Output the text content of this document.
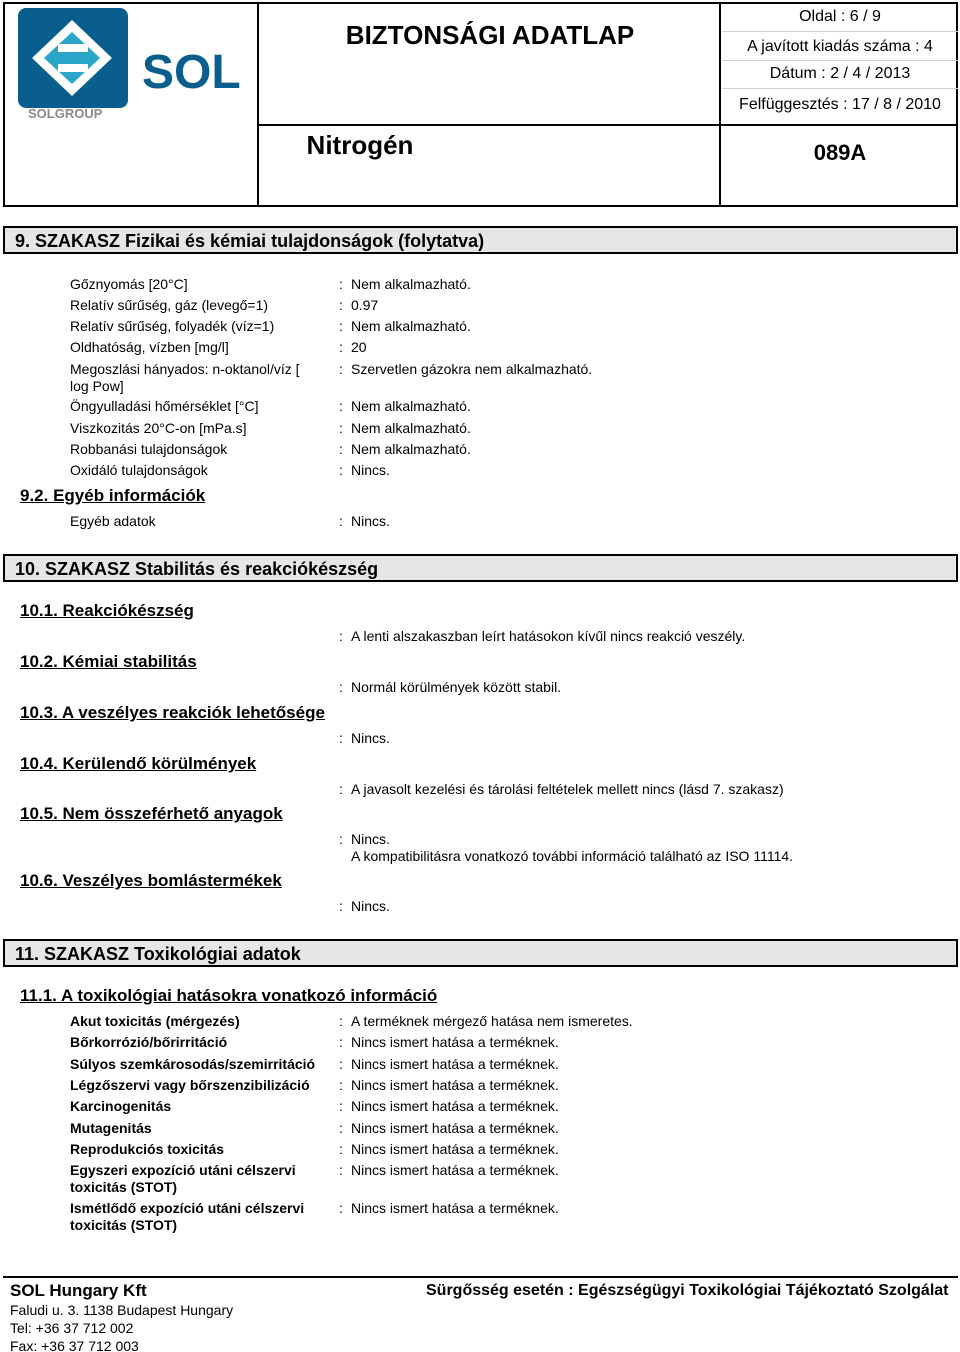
SOL
SOLGROUP
BIZTONSÁGI ADATLAP
Nitrogén	089A
Oldal : 6 / 9
A javított kiadás száma : 4
Dátum : 2 / 4 / 2013
Felfüggesztés : 17 / 8 / 2010
9. SZAKASZ Fizikai és kémiai tulajdonságok (folytatva)
Gőznyomás [20°C]	: Nem alkalmazható.
Relatív sűrűség, gáz (levegő=1)	: 0.97
Relatív sűrűség, folyadék (víz=1)	: Nem alkalmazható.
Oldhatóság, vízben [mg/l]	: 20
Megoszlási hányados: n-oktanol/víz [
log Pow]
: Szervetlen gázokra nem alkalmazható.
Öngyulladási hőmérséklet [°C]	: Nem alkalmazható.
Viszkozitás 20°C-on [mPa.s]	: Nem alkalmazható.
Robbanási tulajdonságok	: Nem alkalmazható.
Oxidáló tulajdonságok	: Nincs.
9.2. Egyéb információk
Egyéb adatok	: Nincs.
10. SZAKASZ Stabilitás és reakciókészség
10.1. Reakciókészség
: A lenti alszakaszban leírt hatásokon kívűl nincs reakció veszély.
10.2. Kémiai stabilitás
: Normál körülmények között stabil.
10.3. A veszélyes reakciók lehetősége
: Nincs.
10.4. Kerülendő körülmények
: A javasolt kezelési és tárolási feltételek mellett nincs (lásd 7. szakasz)
10.5. Nem összeférhető anyagok
: Nincs.
A kompatibilitásra vonatkozó további információ található az ISO 11114.
10.6. Veszélyes bomlástermékek
: Nincs.
11. SZAKASZ Toxikológiai adatok
11.1. A toxikológiai hatásokra vonatkozó információ
Akut toxicitás (mérgezés)	: A terméknek mérgező hatása nem ismeretes.
Bőrkorrózió/bőrirritáció	: Nincs ismert hatása a terméknek.
Súlyos szemkárosodás/szemirritáció : Nincs ismert hatása a terméknek.
Légzőszervi vagy bőrszenzibilizáció : Nincs ismert hatása a terméknek.
Karcinogenitás	: Nincs ismert hatása a terméknek.
Mutagenitás	: Nincs ismert hatása a terméknek.
Reprodukciós toxicitás	: Nincs ismert hatása a terméknek.
Egyszeri expozíció utáni célszervi
toxicitás (STOT)
: Nincs ismert hatása a terméknek.
Ismétlődő expozíció utáni célszervi
toxicitás (STOT)
: Nincs ismert hatása a terméknek.
SOL Hungary Kft
Faludi u. 3. 1138 Budapest Hungary
Tel: +36 37 712 002
Fax: +36 37 712 003
Sürgősség esetén : Egészségügyi Toxikológiai Tájékoztató Szolgálat
